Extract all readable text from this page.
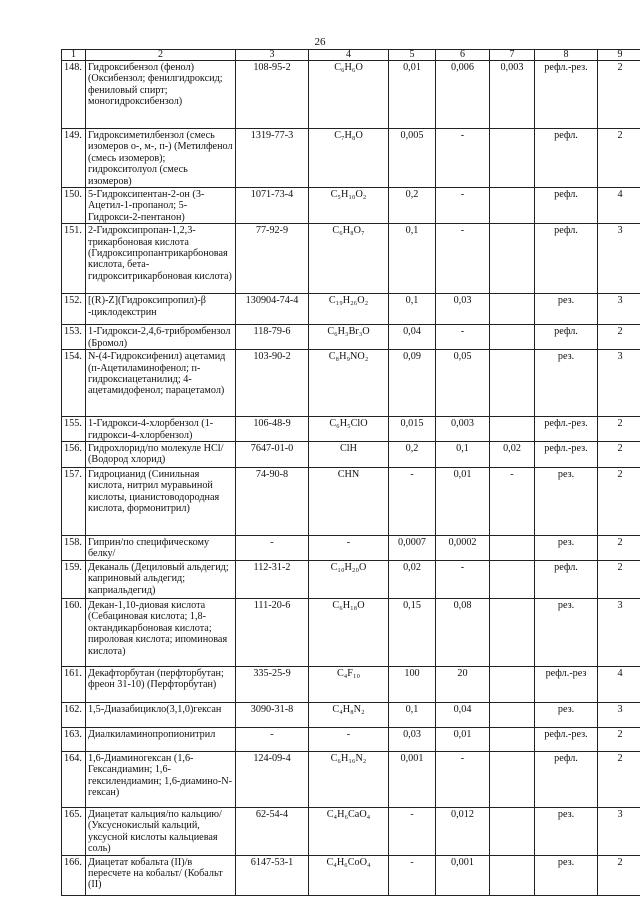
26
1	2	3	4	5	6	7	8	9
148.	Гидроксибензол (фенол) (Оксибензол; фенилгидроксид; фениловый спирт; моногидроксибензол)	108-95-2	C₆H₆O	0,01	0,006	0,003	рефл.-рез.	2
149.	Гидроксиметилбензол (смесь изомеров о-, м-, п-) (Метилфенол (смесь изомеров); гидрокситолуол (смесь изомеров)	1319-77-3	C₇H₈O	0,005	-		рефл.	2
150.	5-Гидроксипентан-2-он (3-Ацетил-1-пропанол; 5-Гидрокси-2-пентанон)	1071-73-4	C₅H₁₀O₂	0,2	-		рефл.	4
151.	2-Гидроксипропан-1,2,3-трикарбоновая кислота (Гидроксипропантрикарбоновая кислота, бета-гидрокситрикарбоновая кислота)	77-92-9	C₆H₈O₇	0,1	-		рефл.	3
152.	[(R)-Z](Гидроксипропил)-β -циклодекстрин	130904-74-4	C₁₉H₂₆O₂	0,1	0,03		рез.	3
153.	1-Гидрокси-2,4,6-трибромбензол (Бромол)	118-79-6	C₆H₃Br₃O	0,04	-		рефл.	2
154.	N-(4-Гидроксифенил) ацетамид (п-Ацетиламинофенол; п-гидроксиацетанилид; 4-ацетамидофенол; парацетамол)	103-90-2	C₈H₉NO₂	0,09	0,05		рез.	3
155.	1-Гидрокси-4-хлорбензол (1-гидрокси-4-хлорбензол)	106-48-9	C₆H₅ClO	0,015	0,003		рефл.-рез.	2
156.	Гидрохлорид/по молекуле HCl/ (Водород хлорид)	7647-01-0	ClH	0,2	0,1	0,02	рефл.-рез.	2
157.	Гидроцианид (Синильная кислота, нитрил муравьиной кислоты, цианистоводородная кислота, формонитрил)	74-90-8	CHN	-	0,01	-	рез.	2
158.	Гиприн/по специфическому белку/	-	-	0,0007	0,0002		рез.	2
159.	Деканаль (Дециловый альдегид; каприновый альдегид; каприальдегид)	112-31-2	C₁₀H₂₀O	0,02	-		рефл.	2
160.	Декан-1,10-диовая кислота (Себациновая кислота; 1,8-октандикарбоновая кислота; пироловая кислота; ипоминовая кислота)	111-20-6	C₆H₁₈O	0,15	0,08		рез.	3
161.	Декафторбутан (перфторбутан; фреон 31-10) (Перфторбутан)	335-25-9	C₄F₁₀	100	20		рефл.-рез	4
162.	1,5-Диазабицикло(3,1,0)гексан	3090-31-8	C₄H₈N₂	0,1	0,04		рез.	3
163.	Диалкиламинопропионитрил	-	-	0,03	0,01		рефл.-рез.	2
164.	1,6-Диаминогексан (1,6-Гександиамин; 1,6-гексилендиамин; 1,6-диамино-N-гексан)	124-09-4	C₆H₁₆N₂	0,001	-		рефл.	2
165.	Диацетат кальция/по кальцию/ (Уксуснокислый кальций, уксусной кислоты кальциевая соль)	62-54-4	C₄H₆CaO₄	-	0,012		рез.	3
166.	Диацетат кобальта (II)/в пересчете на кобальт/ (Кобальт (II)	6147-53-1	C₄H₆CoO₄	-	0,001		рез.	2
